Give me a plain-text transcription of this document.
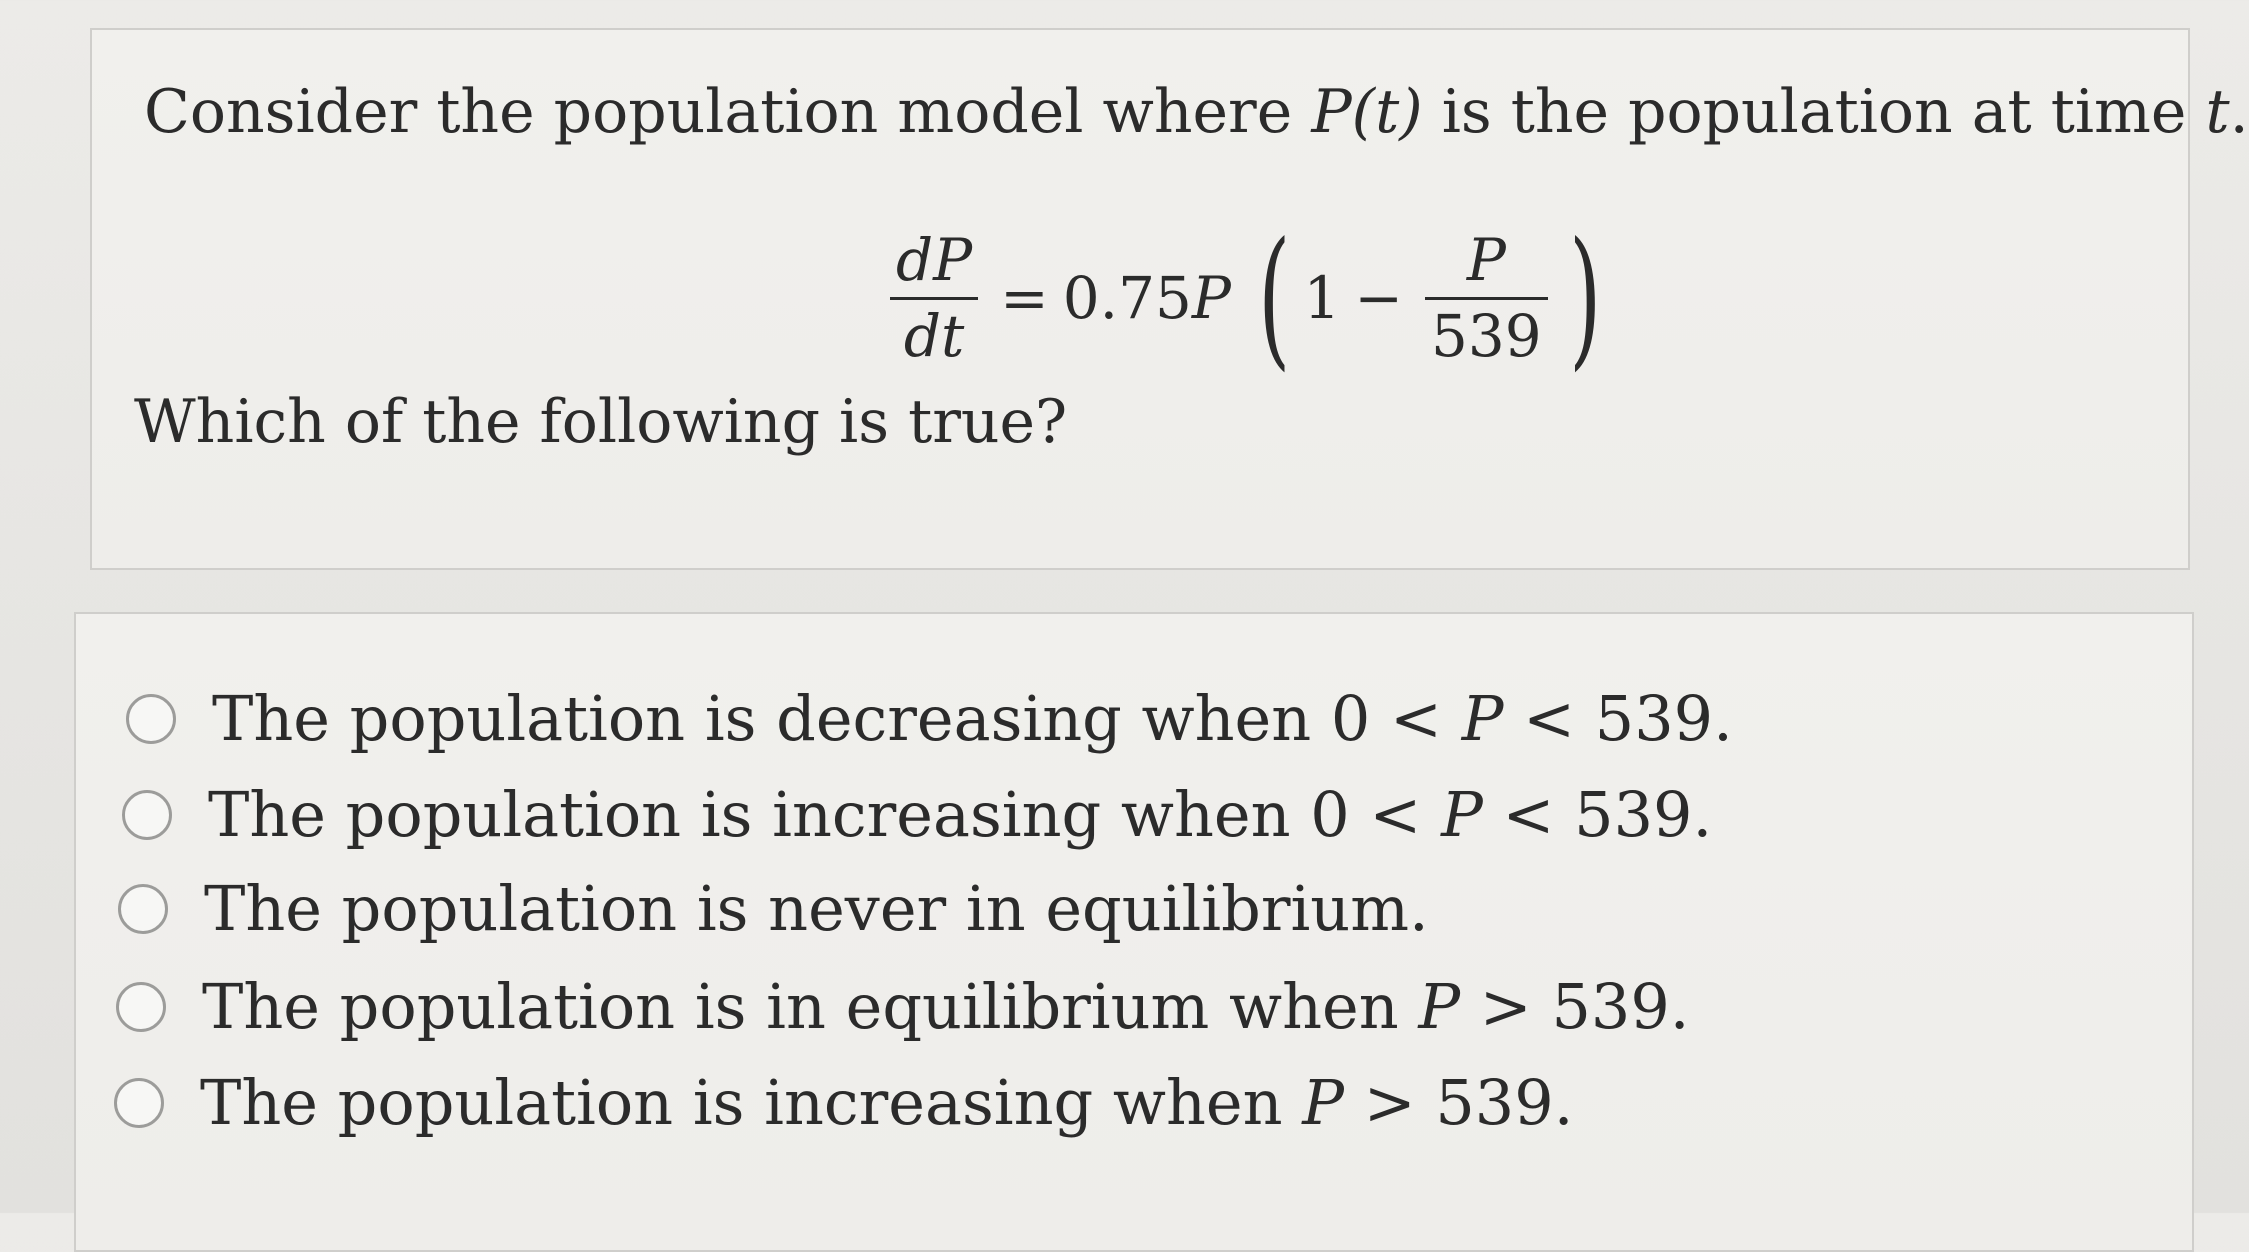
Consider the population model where P(t) is the population at time t.
$\frac{dP}{dt} = 0.75$ P ( $1 - \frac{P}{539}$ )
Which of the following is true?
The population is decreasing when 0 < P < 539.
The population is increasing when 0 < P < 539.
The population is never in equilibrium.
The population is in equilibrium when P > 539.
The population is increasing when P > 539.
